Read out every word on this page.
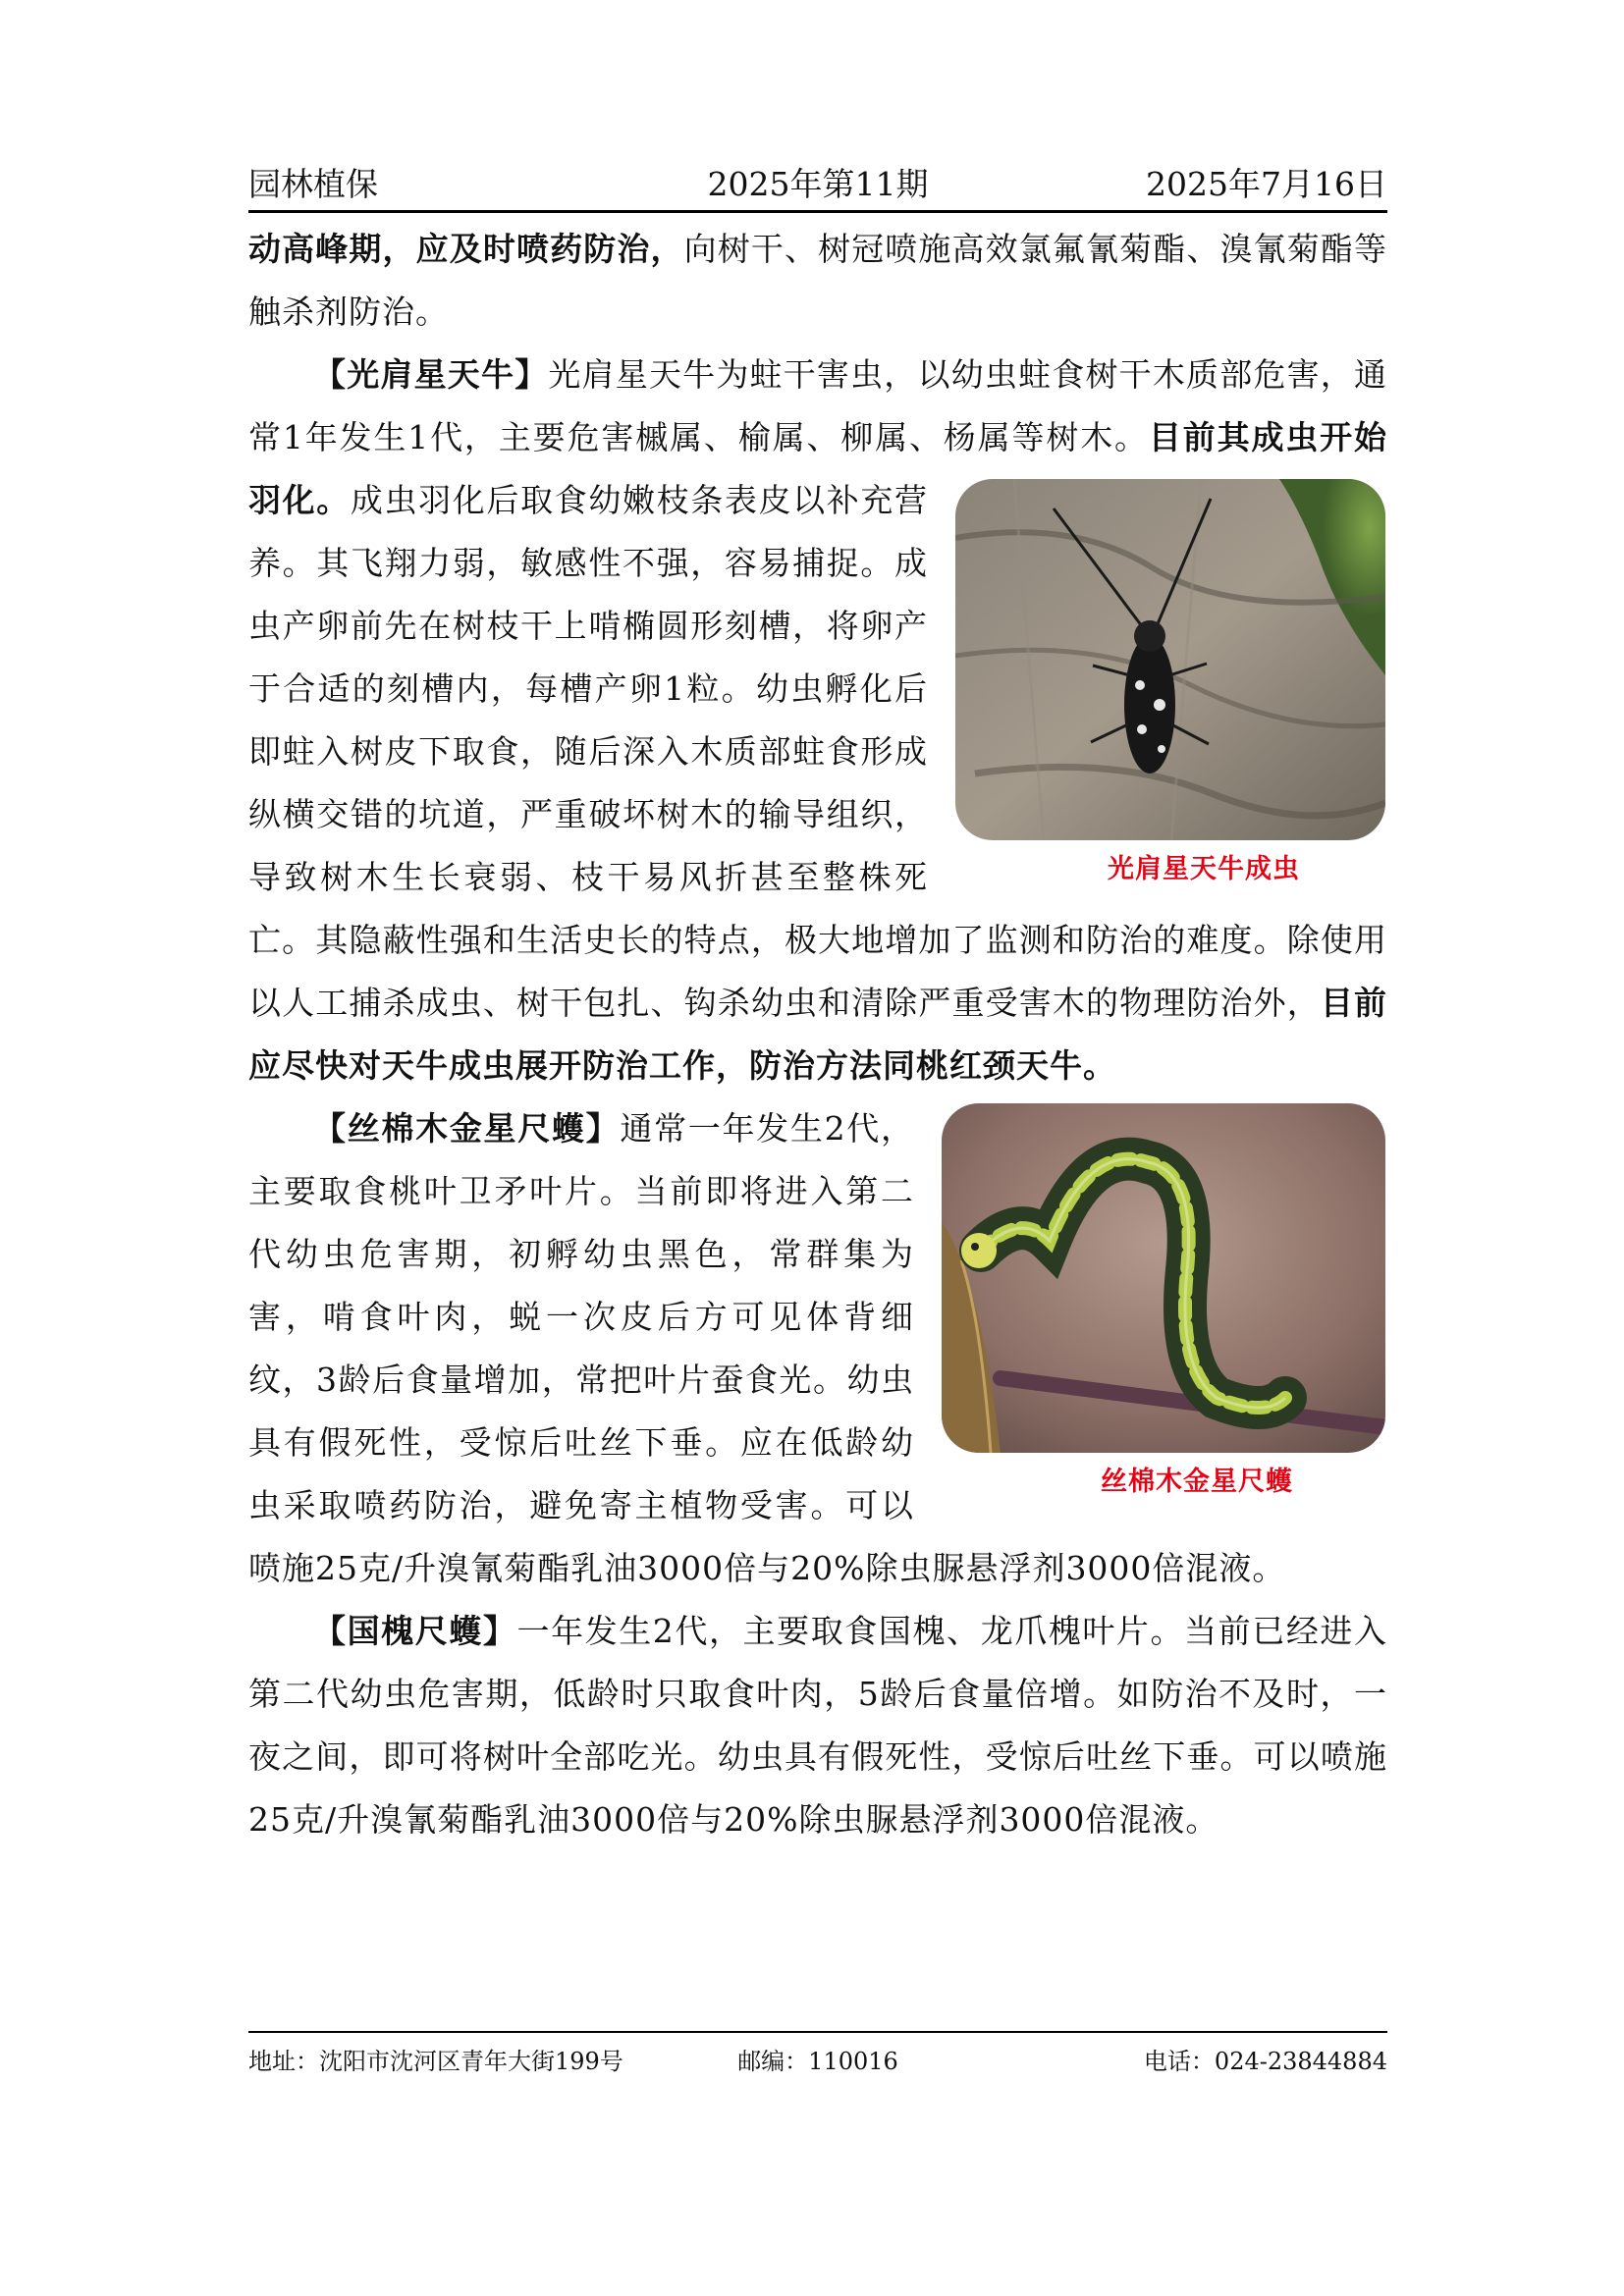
园林植保	2025年第11期	2025年7月16日

动高峰期，应及时喷药防治，向树干、树冠喷施高效氯氟氰菊酯、溴氰菊酯等触杀剂防治。

【光肩星天牛】光肩星天牛为蛀干害虫，以幼虫蛀食树干木质部危害，通常1年发生1代，主要危害槭属、榆属、柳属、杨属等树木。目前其成虫开始羽化。
光肩星天牛成虫
成虫羽化后取食幼嫩枝条表皮以补充营养。其飞翔力弱，敏感性不强，容易捕捉。成虫产卵前先在树枝干上啃椭圆形刻槽，将卵产于合适的刻槽内，每槽产卵1粒。幼虫孵化后即蛀入树皮下取食，随后深入木质部蛀食形成纵横交错的坑道，严重破坏树木的输导组织，导致树木生长衰弱、枝干易风折甚至整株死亡。其隐蔽性强和生活史长的特点，极大地增加了监测和防治的难度。除使用以人工捕杀成虫、树干包扎、钩杀幼虫和清除严重受害木的物理防治外，目前应尽快对天牛成虫展开防治工作，防治方法同桃红颈天牛。

【丝棉木金星尺蠖】
丝棉木金星尺蠖
通常一年发生2代，主要取食桃叶卫矛叶片。当前即将进入第二代幼虫危害期，初孵幼虫黑色，常群集为害，啃食叶肉，蜕一次皮后方可见体背细纹，3龄后食量增加，常把叶片蚕食光。幼虫具有假死性，受惊后吐丝下垂。应在低龄幼虫采取喷药防治，避免寄主植物受害。可以喷施25克/升溴氰菊酯乳油3000倍与20%除虫脲悬浮剂3000倍混液。

【国槐尺蠖】一年发生2代，主要取食国槐、龙爪槐叶片。当前已经进入第二代幼虫危害期，低龄时只取食叶肉，5龄后食量倍增。如防治不及时，一夜之间，即可将树叶全部吃光。幼虫具有假死性，受惊后吐丝下垂。可以喷施25克/升溴氰菊酯乳油3000倍与20%除虫脲悬浮剂3000倍混液。

地址：沈阳市沈河区青年大街199号	邮编：110016	电话：024-23844884
